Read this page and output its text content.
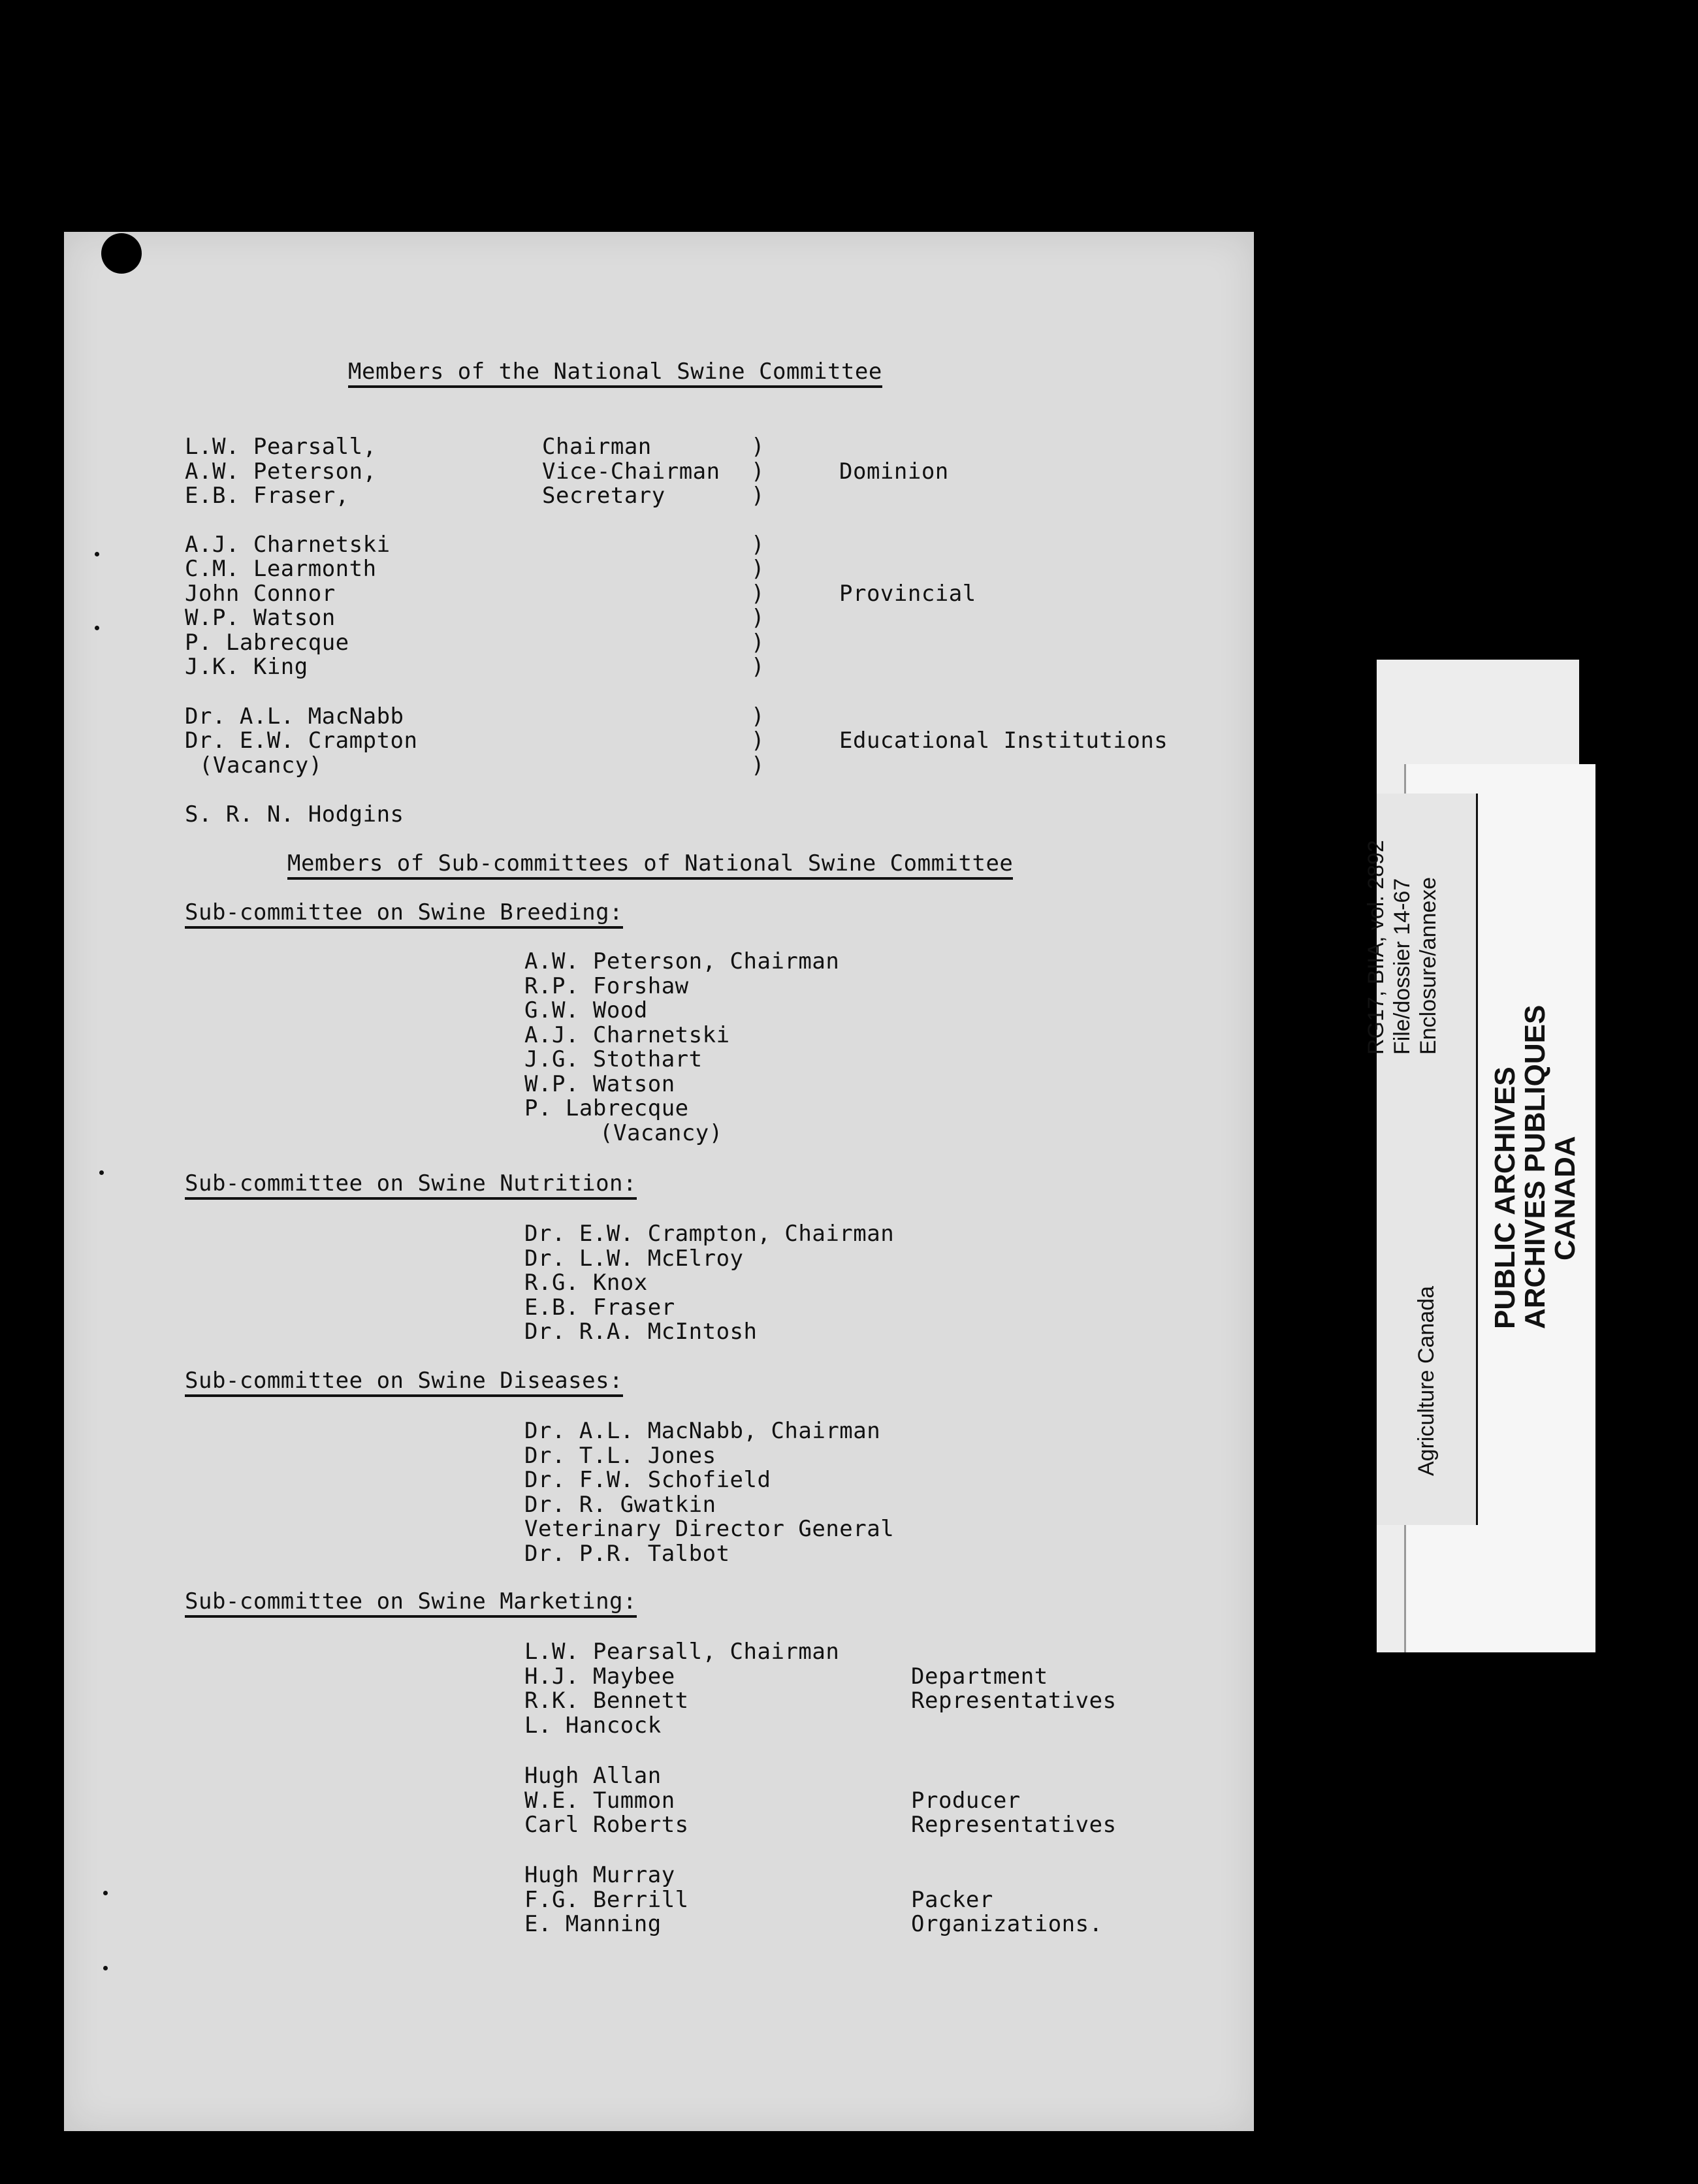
Members of the National Swine Committee
L.W. Pearsall,
A.W. Peterson,
E.B. Fraser,
Chairman
Vice-Chairman
Secretary
A.J. Charnetski
C.M. Learmonth
John Connor
W.P. Watson
P. Labrecque
J.K. King
Dr. A.L. MacNabb
Dr. E.W. Crampton
(Vacancy)
S. R. N. Hodgins
)
)
)
)
)
)
)
)
)
)
)
)
Dominion
Provincial
Educational Institutions
Members of Sub-committees of National Swine Committee
Sub-committee on Swine Breeding:
A.W. Peterson, Chairman
R.P. Forshaw
G.W. Wood
A.J. Charnetski
J.G. Stothart
W.P. Watson
P. Labrecque
(Vacancy)
Sub-committee on Swine Nutrition:
Dr. E.W. Crampton, Chairman
Dr. L.W. McElroy
R.G. Knox
E.B. Fraser
Dr. R.A. McIntosh
Sub-committee on Swine Diseases:
Dr. A.L. MacNabb, Chairman
Dr. T.L. Jones
Dr. F.W. Schofield
Dr. R. Gwatkin
Veterinary Director General
Dr. P.R. Talbot
Sub-committee on Swine Marketing:
L.W. Pearsall, Chairman
H.J. Maybee
R.K. Bennett
L. Hancock
Hugh Allan
W.E. Tummon
Carl Roberts
Hugh Murray
F.G. Berrill
E. Manning
Department
Representatives
Producer
Representatives
Packer
Organizations.
Agriculture Canada
RG17, BIIA, vol. 2892 File/dossier 14-67 Enclosure/annexe
PUBLIC ARCHIVES
ARCHIVES PUBLIQUES
CANADA
